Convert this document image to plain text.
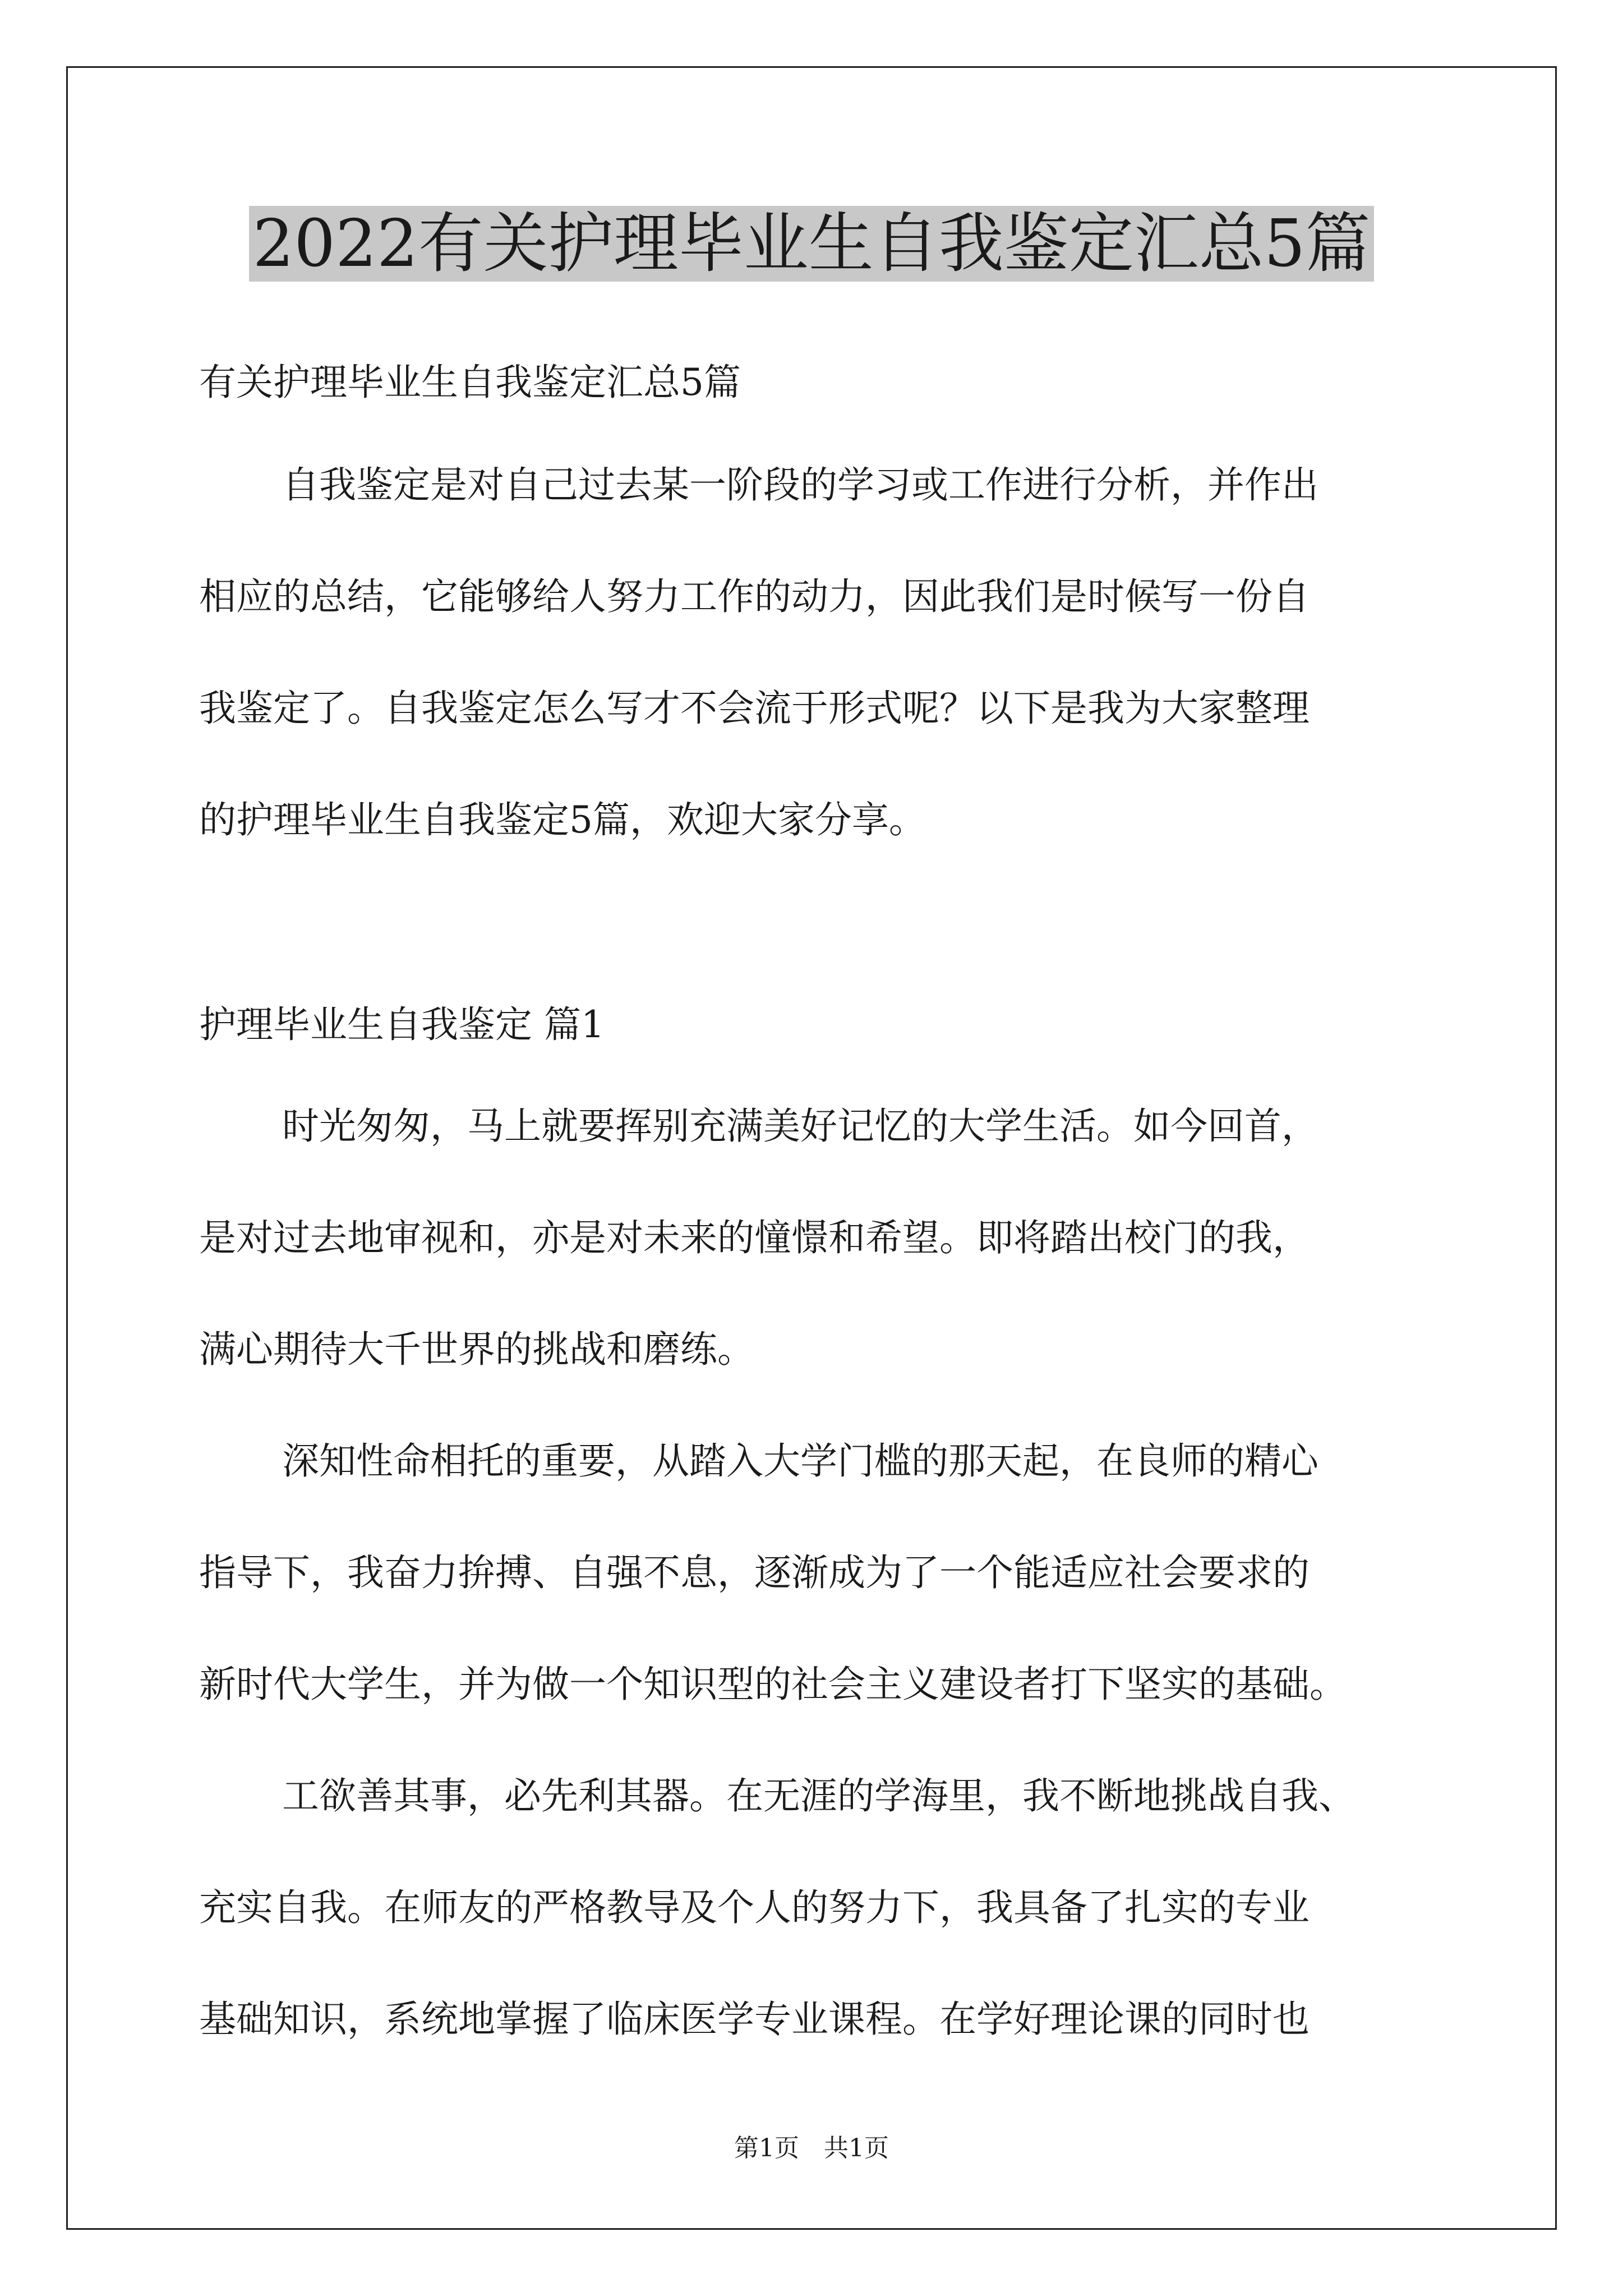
2022有关护理毕业生自我鉴定汇总5篇
有关护理毕业生自我鉴定汇总5篇
自我鉴定是对自己过去某一阶段的学习或工作进行分析，并作出
相应的总结，它能够给人努力工作的动力，因此我们是时候写一份自
我鉴定了。自我鉴定怎么写才不会流于形式呢？以下是我为大家整理
的护理毕业生自我鉴定5篇，欢迎大家分享。
护理毕业生自我鉴定 篇1
时光匆匆，马上就要挥别充满美好记忆的大学生活。如今回首，
是对过去地审视和，亦是对未来的憧憬和希望。即将踏出校门的我，
满心期待大千世界的挑战和磨练。
深知性命相托的重要，从踏入大学门槛的那天起，在良师的精心
指导下，我奋力拚搏、自强不息，逐渐成为了一个能适应社会要求的
新时代大学生，并为做一个知识型的社会主义建设者打下坚实的基础。
工欲善其事，必先利其器。在无涯的学海里，我不断地挑战自我、
充实自我。在师友的严格教导及个人的努力下，我具备了扎实的专业
基础知识，系统地掌握了临床医学专业课程。在学好理论课的同时也
第1页　共1页
